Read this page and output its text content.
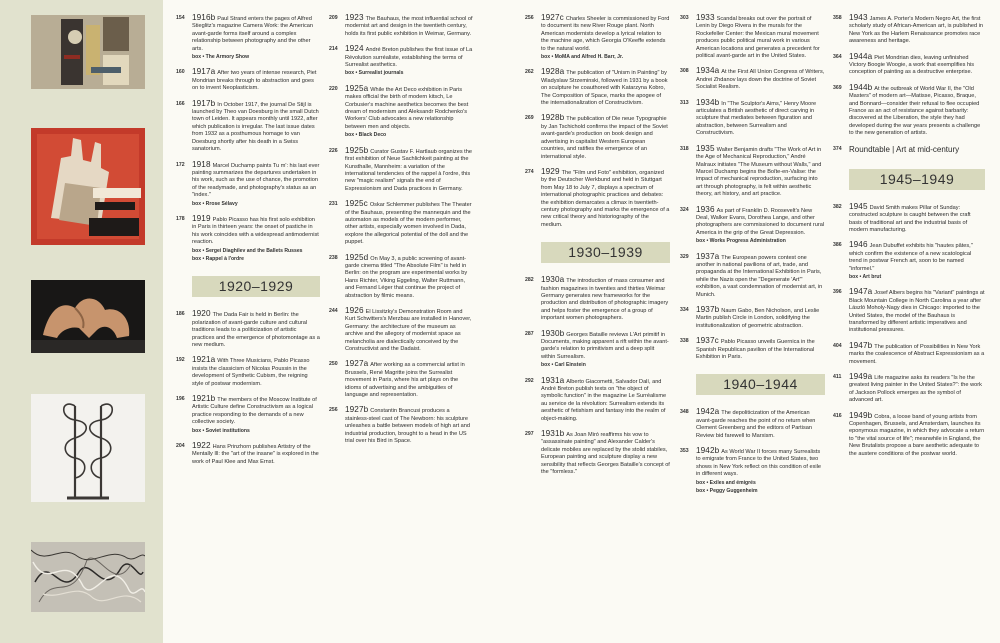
154 1916b Paul Strand enters the pages of Alfred Stieglitz's magazine Camera Work: the American avant-garde forms itself around a complex relationship between photography and the other arts.
box • The Armory Show
160 1917a After two years of intense research, Piet Mondrian breaks through to abstraction and goes on to invent Neoplasticism.
166 1917b In October 1917, the journal De Stijl is launched by Theo van Doesburg in the small Dutch town of Leiden. It appears monthly until 1922, after which publication is irregular. The last issue dates from 1932 as a posthumous homage to van Doesburg shortly after his death in a Swiss sanatorium.
172 1918 Marcel Duchamp paints Tu m': his last ever painting summarizes the departures undertaken in his work, such as the use of chance, the promotion of the readymade, and photography's status as an "index."
box • Rrose Sélavy
178 1919 Pablo Picasso has his first solo exhibition in Paris in thirteen years: the onset of pastiche in his work coincides with a widespread antimodernist reaction.
box • Sergei Diaghilev and the Ballets Russes
box • Rappel à l'ordre
1920–1929
186 1920 The Dada Fair is held in Berlin: the polarization of avant-garde culture and cultural traditions leads to a politicization of artistic practices and the emergence of photomontage as a new medium.
192 1921a With Three Musicians, Pablo Picasso insists the classicism of Nicolas Poussin in the development of Synthetic Cubism, the reigning style of postwar modernism.
196 1921b The members of the Moscow Institute of Artistic Culture define Constructivism as a logical practice responding to the demands of a new collective society.
box • Soviet institutions
204 1922 Hans Prinzhorn publishes Artistry of the Mentally Ill: the "art of the insane" is explored in the work of Paul Klee and Max Ernst.
209 1923 The Bauhaus, the most influential school of modernist art and design in the twentieth century, holds its first public exhibition in Weimar, Germany.
214 1924 André Breton publishes the first issue of La Révolution surréaliste, establishing the terms of Surrealist aesthetics.
box • Surrealist journals
220 1925a While the Art Deco exhibition in Paris makes official the birth of modern kitsch, Le Corbusier's machine aesthetics becomes the best dream of modernism and Aleksandr Rodchenko's Workers' Club advocates a new relationship between men and objects.
box • Black Deco
226 1925b Curator Gustav F. Hartlaub organizes the first exhibition of Neue Sachlichkeit painting at the Kunsthalle, Mannheim: a variation of the international tendencies of the rappel à l'ordre, this new "magic realism" signals the end of Expressionism and Dada practices in Germany.
231 1925c Oskar Schlemmer publishes The Theater of the Bauhaus, presenting the mannequin and the automaton as models of the modern performer, other artists, especially women involved in Dada, explore the allegorical potential of the doll and the puppet.
238 1925d On May 3, a public screening of avant-garde cinema titled "The Absolute Film" is held in Berlin: on the program are experimental works by Hans Richter, Viking Eggeling, Walter Ruttmann, and Fernand Léger that continue the project of abstraction by filmic means.
244 1926 El Lissitzky's Demonstration Room and Kurt Schwitters's Merzbau are installed in Hanover, Germany: the architecture of the museum as archive and the allegory of modernist space as melancholia are dialectically conceived by the Constructivist and the Dadaist.
250 1927a After working as a commercial artist in Brussels, René Magritte joins the Surrealist movement in Paris, where his art plays on the idioms of advertising and the ambiguities of language and representation.
256 1927b Constantin Brancusi produces a stainless-steel cast of The Newborn: his sculpture unleashes a battle between models of high art and industrial production, brought to a head in the US trial over his Bird in Space.
256 1927c Charles Sheeler is commissioned by Ford to document its new River Rouge plant. North American modernists develop a lyrical relation to the machine age, which Georgia O'Keeffe extends to the natural world.
box • MoMA and Alfred H. Barr, Jr.
262 1928a The publication of "Unism in Painting" by Wladyslaw Strzeminski, followed in 1931 by a book on sculpture he coauthored with Katarzyna Kobro, The Composition of Space, marks the apogee of the internationalization of Constructivism.
269 1928b The publication of Die neue Typographie by Jan Tschichold confirms the impact of the Soviet avant-garde's production on book design and advertising in capitalist Western European countries, and ratifies the emergence of an international style.
274 1929 The "Film und Foto" exhibition, organized by the Deutscher Werkbund and held in Stuttgart from May 18 to July 7, displays a spectrum of international photographic practices and debates: the exhibition demarcates a climax in twentieth-century photography and marks the emergence of a new critical theory and historiography of the medium.
1930–1939
282 1930a The introduction of mass consumer and fashion magazines in twenties and thirties Weimar Germany generates new frameworks for the production and distribution of photographic imagery and helps foster the emergence of a group of important women photographers.
287 1930b Georges Bataille reviews L'Art primitif in Documents, making apparent a rift within the avant-garde's relation to primitivism and a deep split within Surrealism.
box • Carl Einstein
292 1931a Alberto Giacometti, Salvador Dalí, and André Breton publish texts on "the object of symbolic function" in the magazine Le Surréalisme au service de la révolution: Surrealism extends its aesthetic of fetishism and fantasy into the realm of object-making.
297 1931b As Joan Miró reaffirms his vow to "assassinate painting" and Alexander Calder's delicate mobiles are replaced by the stolid stabiles, European painting and sculpture display a new sensibility that reflects Georges Bataille's concept of the "formless."
303 1933 Scandal breaks out over the portrait of Lenin by Diego Rivera in the murals for the Rockefeller Center: the Mexican mural movement produces public political mural work in various American locations and generates a precedent for political avant-garde art in the United States.
308 1934a At the First All Union Congress of Writers, Andrei Zhdanov lays down the doctrine of Soviet Socialist Realism.
313 1934b In "The Sculptor's Aims," Henry Moore articulates a British aesthetic of direct carving in sculpture that mediates between figuration and abstraction, between Surrealism and Constructivism.
318 1935 Walter Benjamin drafts "The Work of Art in the Age of Mechanical Reproduction," André Malraux initiates "The Museum without Walls," and Marcel Duchamp begins the Boîte-en-Valise: the impact of mechanical reproduction, surfacing into art through photography, is felt within aesthetic theory, art history, and art practice.
324 1936 As part of Franklin D. Roosevelt's New Deal, Walker Evans, Dorothea Lange, and other photographers are commissioned to document rural America in the grip of the Great Depression.
box • Works Progress Administration
329 1937a The European powers contest one another in national pavilions of art, trade, and propaganda at the International Exhibition in Paris, while the Nazis open the "Degenerate 'Art'" exhibition, a vast condemnation of modernist art, in Munich.
334 1937b Naum Gabo, Ben Nicholson, and Leslie Martin publish Circle in London, solidifying the institutionalization of geometric abstraction.
338 1937c Pablo Picasso unveils Guernica in the Spanish Republican pavilion of the International Exhibition in Paris.
1940–1944
348 1942a The depoliticization of the American avant-garde reaches the point of no return when Clement Greenberg and the editors of Partisan Review bid farewell to Marxism.
353 1942b As World War II forces many Surrealists to emigrate from France to the United States, two shows in New York reflect on this condition of exile in different ways.
box • Exiles and émigrés
box • Peggy Guggenheim
358 1943 James A. Porter's Modern Negro Art, the first scholarly study of African-American art, is published in New York as the Harlem Renaissance promotes race awareness and heritage.
364 1944a Piet Mondrian dies, leaving unfinished Victory Boogie Woogie, a work that exemplifies his conception of painting as a destructive enterprise.
369 1944b At the outbreak of World War II, the "Old Masters" of modern art—Matisse, Picasso, Braque, and Bonnard—consider their refusal to flee occupied France as an act of resistance against barbarity: discovered at the Liberation, the style they had developed during the war years presents a challenge to the new generation of artists.
374 Roundtable | Art at mid-century
1945–1949
382 1945 David Smith makes Pillar of Sunday: constructed sculpture is caught between the craft basis of traditional art and the industrial basis of modern manufacturing.
386 1946 Jean Dubuffet exhibits his "hautes pâtes," which confirm the existence of a new scatological trend in postwar French art, soon to be named "informel."
box • Art brut
396 1947a Josef Albers begins his "Variant" paintings at Black Mountain College in North Carolina a year after László Moholy-Nagy dies in Chicago: imported to the United States, the model of the Bauhaus is transformed by different artistic imperatives and institutional pressures.
404 1947b The publication of Possibilities in New York marks the coalescence of Abstract Expressionism as a movement.
411 1949a Life magazine asks its readers "Is he the greatest living painter in the United States?": the work of Jackson Pollock emerges as the symbol of advanced art.
416 1949b Cobra, a loose band of young artists from Copenhagen, Brussels, and Amsterdam, launches its eponymous magazine, in which they advocate a return to "the vital source of life"; meanwhile in England, the New Brutalists propose a bare aesthetic adequate to the austere conditions of the postwar world.
